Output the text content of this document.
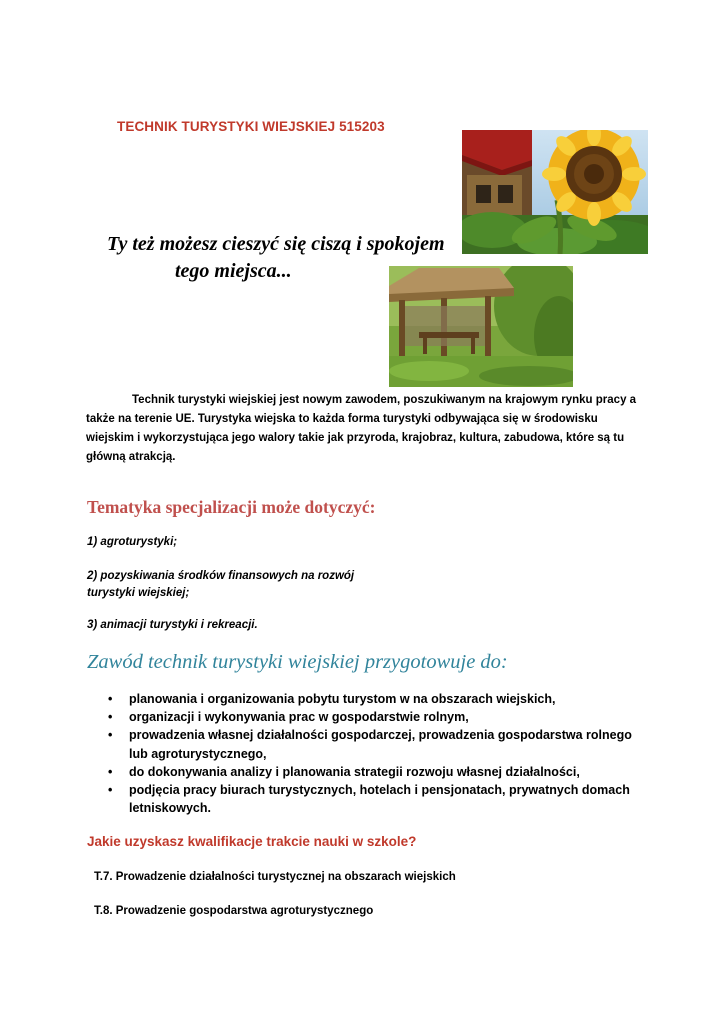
TECHNIK TURYSTYKI WIEJSKIEJ 515203
Ty też możesz cieszyć się ciszą i spokojem
tego miejsca...
Technik turystyki wiejskiej jest nowym zawodem, poszukiwanym na krajowym rynku pracy a także na terenie UE. Turystyka wiejska to każda forma turystyki odbywająca się w środowisku wiejskim i wykorzystująca jego walory takie jak przyroda, krajobraz, kultura, zabudowa, które są tu główną atrakcją.
Tematyka specjalizacji może dotyczyć:
1) agroturystyki;
2) pozyskiwania środków finansowych na rozwój
turystyki wiejskiej;
3) animacji turystyki i rekreacji.
Zawód technik turystyki wiejskiej przygotowuje do:
• planowania i organizowania pobytu turystom w na obszarach wiejskich,
• organizacji i wykonywania prac w gospodarstwie rolnym,
• prowadzenia własnej działalności gospodarczej, prowadzenia gospodarstwa rolnego lub agroturystycznego,
• do dokonywania analizy i planowania strategii rozwoju własnej działalności,
• podjęcia pracy biurach turystycznych, hotelach i pensjonatach, prywatnych domach letniskowych.
Jakie uzyskasz kwalifikacje trakcie nauki w szkole?
T.7. Prowadzenie działalności turystycznej na obszarach wiejskich
T.8. Prowadzenie gospodarstwa agroturystycznego
